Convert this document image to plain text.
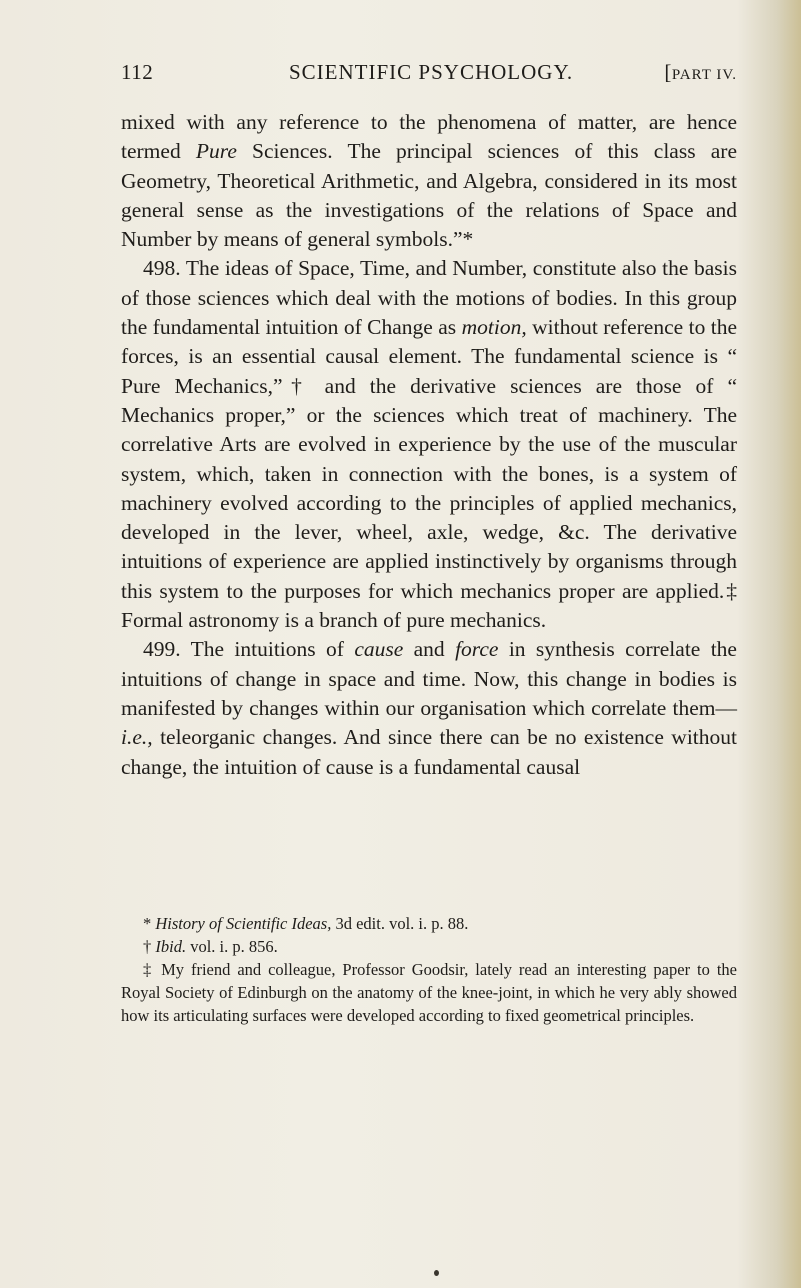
112	SCIENTIFIC PSYCHOLOGY.	[PART IV.

mixed with any reference to the phenomena of matter, are hence termed Pure Sciences. The principal sciences of this class are Geometry, Theoretical Arithmetic, and Algebra, considered in its most general sense as the investigations of the relations of Space and Number by means of general symbols.”*

498. The ideas of Space, Time, and Number, constitute also the basis of those sciences which deal with the motions of bodies. In this group the fundamental intuition of Change as motion, without reference to the forces, is an essential causal element. The fundamental science is “ Pure Mechanics,”† and the derivative sciences are those of “ Mechanics proper,” or the sciences which treat of machinery. The correlative Arts are evolved in experience by the use of the muscular system, which, taken in connection with the bones, is a system of machinery evolved according to the principles of applied mechanics, developed in the lever, wheel, axle, wedge, &c. The derivative intuitions of experience are applied instinctively by organisms through this system to the purposes for which mechanics proper are applied.‡ Formal astronomy is a branch of pure mechanics.

499. The intuitions of cause and force in synthesis correlate the intuitions of change in space and time. Now, this change in bodies is manifested by changes within our organisation which correlate them—i.e., teleorganic changes. And since there can be no existence without change, the intuition of cause is a fundamental causal

* History of Scientific Ideas, 3d edit. vol. i. p. 88.

† Ibid. vol. i. p. 856.

‡ My friend and colleague, Professor Goodsir, lately read an interesting paper to the Royal Society of Edinburgh on the anatomy of the knee-joint, in which he very ably showed how its articulating surfaces were developed according to fixed geometrical principles.
